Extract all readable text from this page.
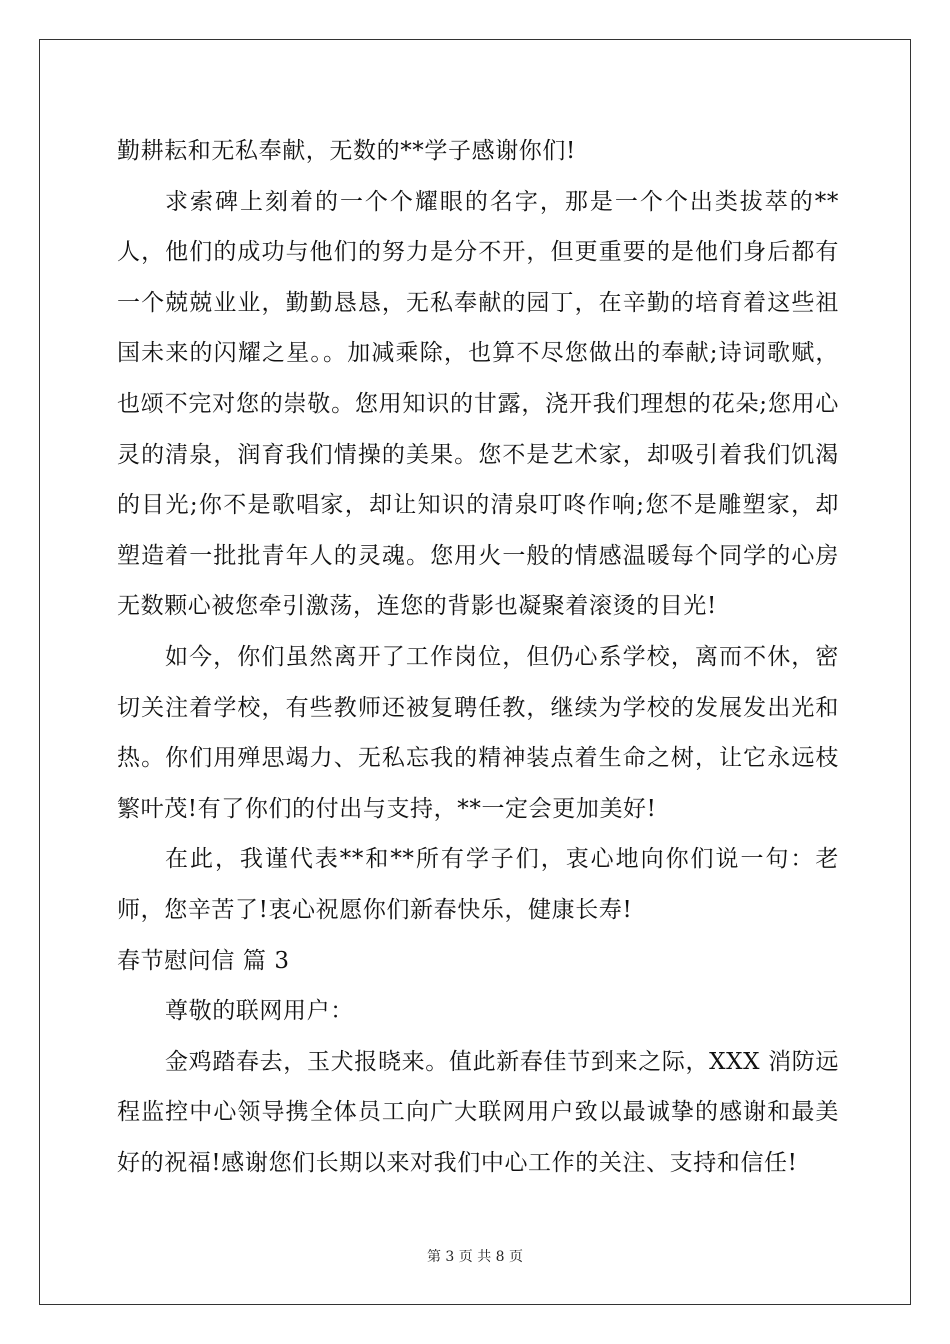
勤耕耘和无私奉献，无数的**学子感谢你们!

求索碑上刻着的一个个耀眼的名字，那是一个个出类拔萃的**人，他们的成功与他们的努力是分不开，但更重要的是他们身后都有一个兢兢业业，勤勤恳恳，无私奉献的园丁，在辛勤的培育着这些祖国未来的闪耀之星。。加减乘除，也算不尽您做出的奉献;诗词歌赋，也颂不完对您的崇敬。您用知识的甘露，浇开我们理想的花朵;您用心灵的清泉，润育我们情操的美果。您不是艺术家，却吸引着我们饥渴的目光;你不是歌唱家，却让知识的清泉叮咚作响;您不是雕塑家，却塑造着一批批青年人的灵魂。您用火一般的情感温暖每个同学的心房无数颗心被您牵引激荡，连您的背影也凝聚着滚烫的目光!

如今，你们虽然离开了工作岗位，但仍心系学校，离而不休，密切关注着学校，有些教师还被复聘任教，继续为学校的发展发出光和热。你们用殚思竭力、无私忘我的精神装点着生命之树，让它永远枝繁叶茂!有了你们的付出与支持，**一定会更加美好!

在此，我谨代表**和**所有学子们，衷心地向你们说一句：老师，您辛苦了!衷心祝愿你们新春快乐，健康长寿!

春节慰问信 篇 3

尊敬的联网用户：

金鸡踏春去，玉犬报晓来。值此新春佳节到来之际，XXX 消防远程监控中心领导携全体员工向广大联网用户致以最诚挚的感谢和最美好的祝福!感谢您们长期以来对我们中心工作的关注、支持和信任!

第 3 页 共 8 页
